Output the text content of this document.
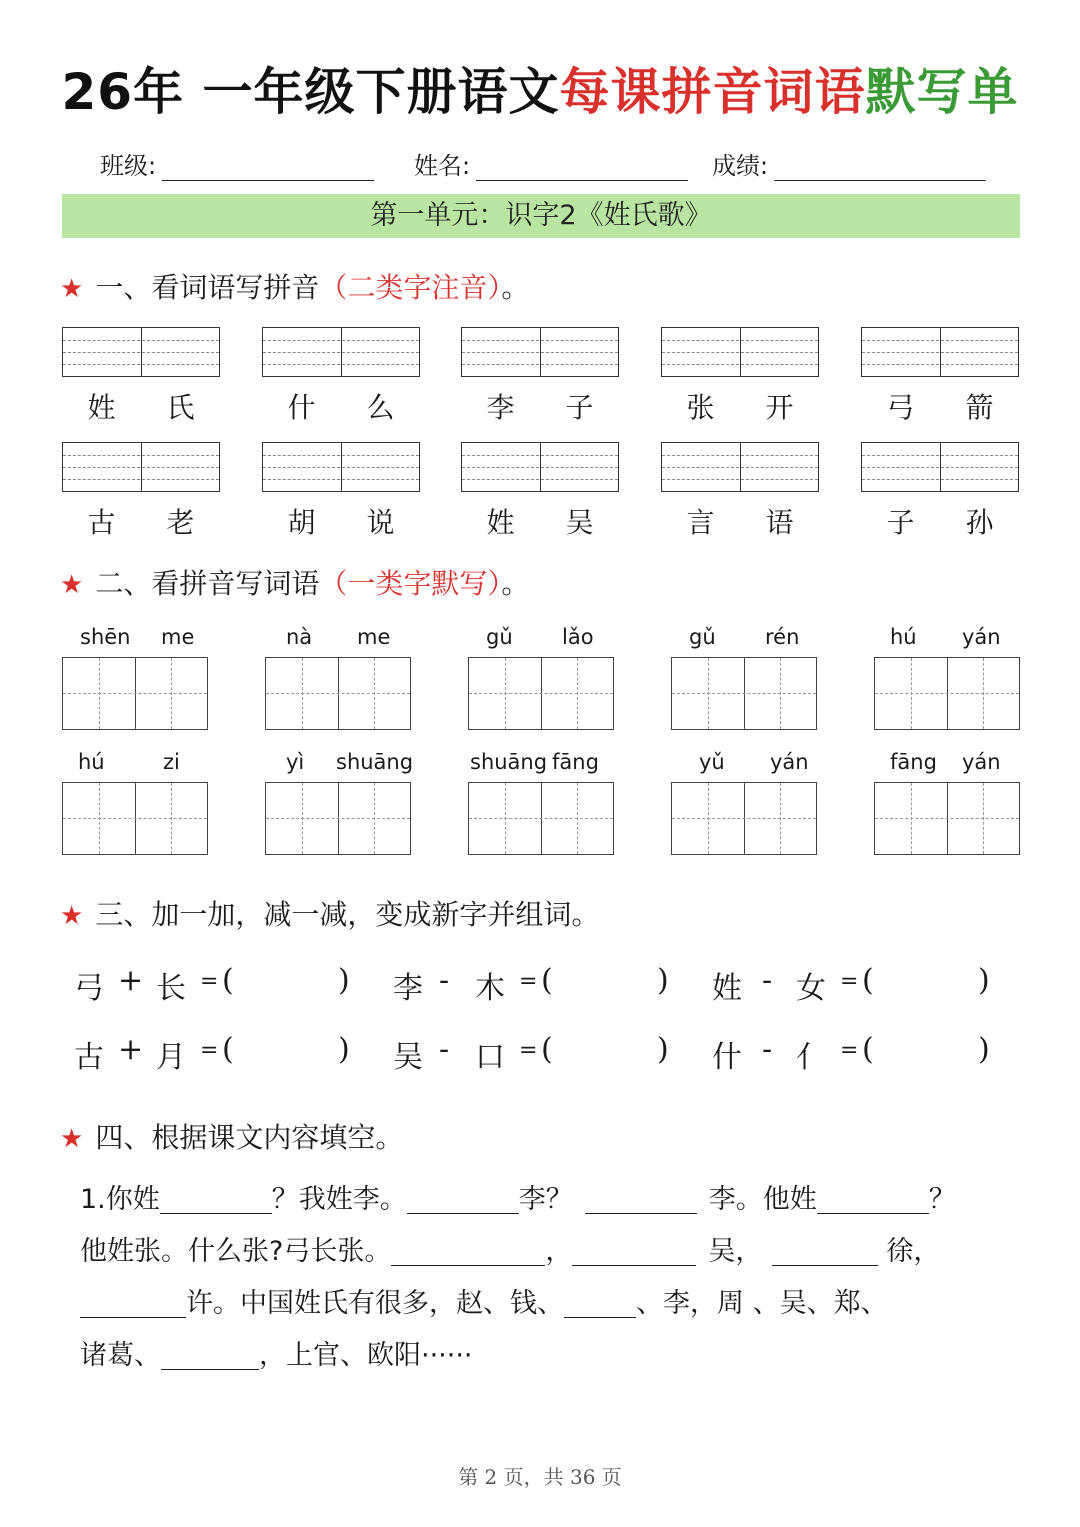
26年 一年级下册语文每课拼音词语默写单
班级:	姓名:	成绩:
第一单元：识字2《姓氏歌》
★ 一、看词语写拼音（二类字注音）。
姓	氏	什	么	李	子	张	开	弓	箭
古	老	胡	说	姓	吴	言	语	子	孙
★ 二、看拼音写词语（一类字默写）。
shēn me	nà me	gǔ lǎo	gǔ rén	hú yán
hú	zi	yì shuāng	shuāng fāng	yǔ yán	fāng yán
★ 三、加一加，减一减，变成新字并组词。
弓 + 长 = (	) 李 - 木 = (	) 姓 - 女 = (	)
古 + 月 = (	) 吴 - 口 = (	) 什 - 亻 = (	)
★ 四、根据课文内容填空。
1.你姓	？我姓李。	李？	李。他姓	？
他姓张。什么张?弓长张。	，	吴，	徐，
许。中国姓氏有很多，赵、钱、	、李，周 、吴、郑、
诸葛、	，上官、欧阳······
第 2 页，共 36 页
